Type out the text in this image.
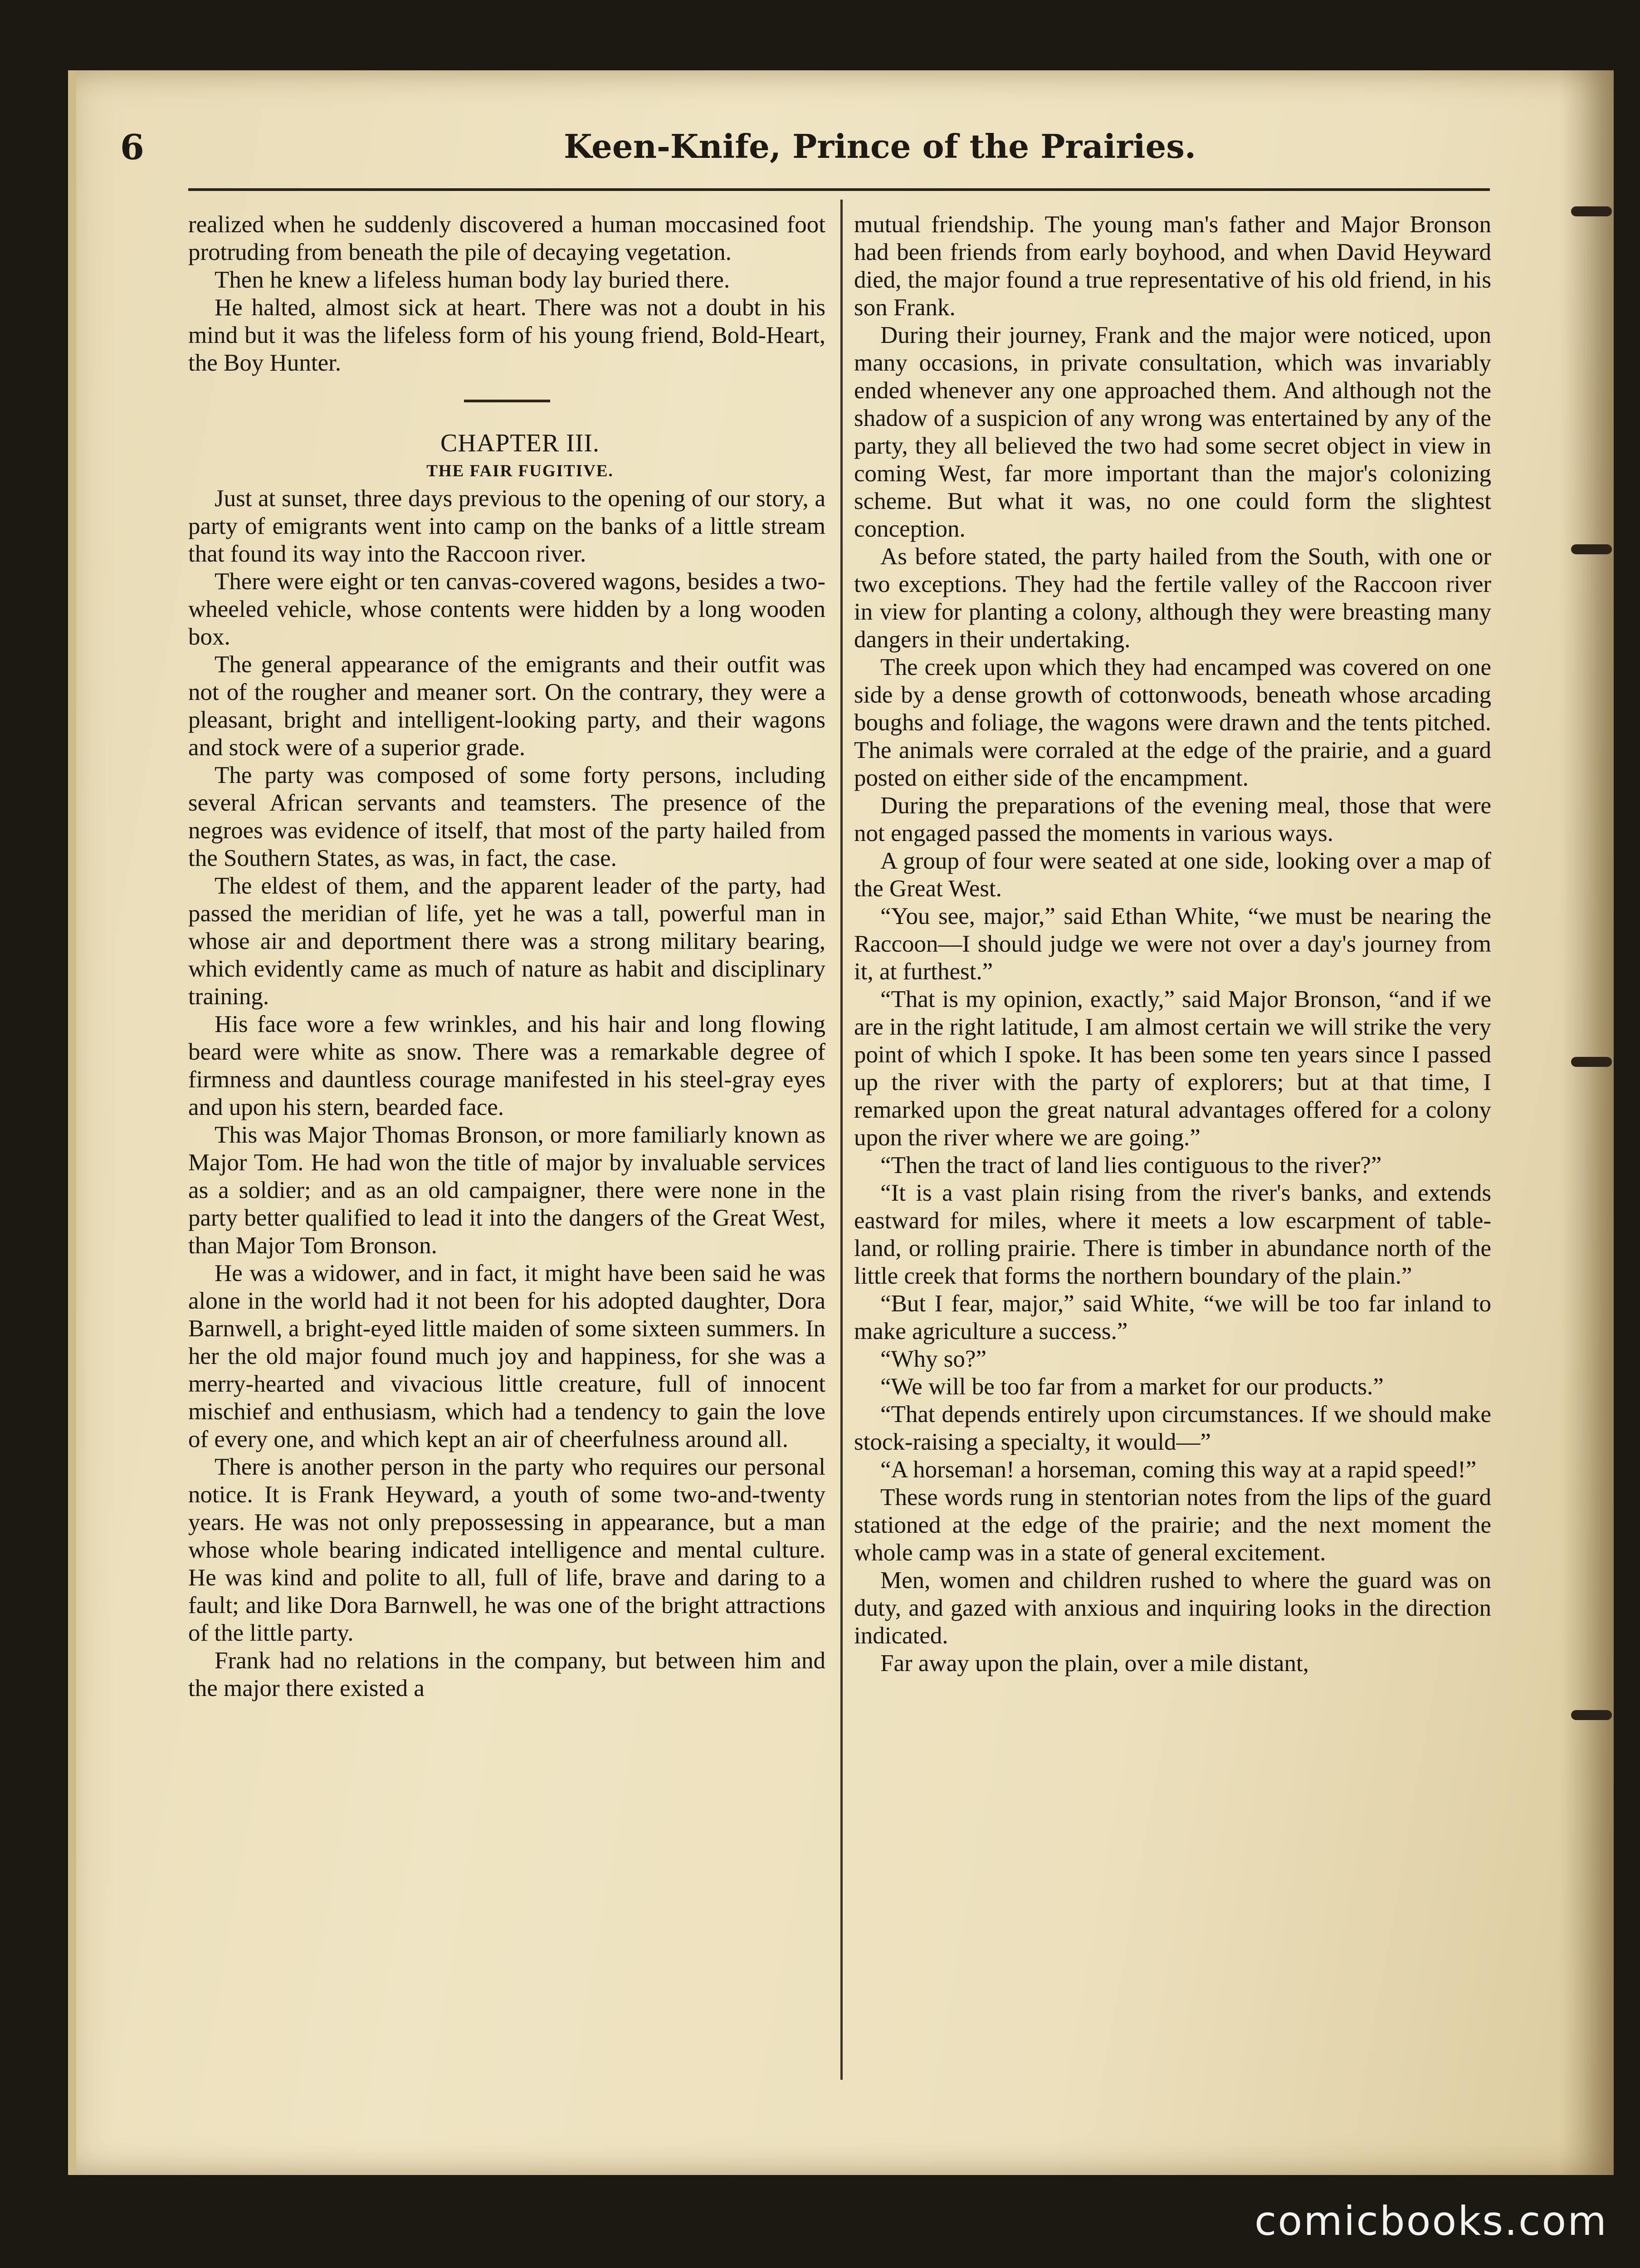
6	Keen-Knife, Prince of the Prairies.

realized when he suddenly discovered a human moccasined foot protruding from beneath the pile of decaying vegetation.

Then he knew a lifeless human body lay buried there.

He halted, almost sick at heart. There was not a doubt in his mind but it was the lifeless form of his young friend, Bold-Heart, the Boy Hunter.

CHAPTER III.

THE FAIR FUGITIVE.

Just at sunset, three days previous to the opening of our story, a party of emigrants went into camp on the banks of a little stream that found its way into the Raccoon river.

There were eight or ten canvas-covered wagons, besides a two-wheeled vehicle, whose contents were hidden by a long wooden box.

The general appearance of the emigrants and their outfit was not of the rougher and meaner sort. On the contrary, they were a pleasant, bright and intelligent-looking party, and their wagons and stock were of a superior grade.

The party was composed of some forty persons, including several African servants and teamsters. The presence of the negroes was evidence of itself, that most of the party hailed from the Southern States, as was, in fact, the case.

The eldest of them, and the apparent leader of the party, had passed the meridian of life, yet he was a tall, powerful man in whose air and deportment there was a strong military bearing, which evidently came as much of nature as habit and disciplinary training.

His face wore a few wrinkles, and his hair and long flowing beard were white as snow. There was a remarkable degree of firmness and dauntless courage manifested in his steel-gray eyes and upon his stern, bearded face.

This was Major Thomas Bronson, or more familiarly known as Major Tom. He had won the title of major by invaluable services as a soldier; and as an old campaigner, there were none in the party better qualified to lead it into the dangers of the Great West, than Major Tom Bronson.

He was a widower, and in fact, it might have been said he was alone in the world had it not been for his adopted daughter, Dora Barnwell, a bright-eyed little maiden of some sixteen summers. In her the old major found much joy and happiness, for she was a merry-hearted and vivacious little creature, full of innocent mischief and enthusiasm, which had a tendency to gain the love of every one, and which kept an air of cheerfulness around all.

There is another person in the party who requires our personal notice. It is Frank Heyward, a youth of some two-and-twenty years. He was not only prepossessing in appearance, but a man whose whole bearing indicated intelligence and mental culture. He was kind and polite to all, full of life, brave and daring to a fault; and like Dora Barnwell, he was one of the bright attractions of the little party.

Frank had no relations in the company, but between him and the major there existed a

mutual friendship. The young man's father and Major Bronson had been friends from early boyhood, and when David Heyward died, the major found a true representative of his old friend, in his son Frank.

During their journey, Frank and the major were noticed, upon many occasions, in private consultation, which was invariably ended whenever any one approached them. And although not the shadow of a suspicion of any wrong was entertained by any of the party, they all believed the two had some secret object in view in coming West, far more important than the major's colonizing scheme. But what it was, no one could form the slightest conception.

As before stated, the party hailed from the South, with one or two exceptions. They had the fertile valley of the Raccoon river in view for planting a colony, although they were breasting many dangers in their undertaking.

The creek upon which they had encamped was covered on one side by a dense growth of cottonwoods, beneath whose arcading boughs and foliage, the wagons were drawn and the tents pitched. The animals were corraled at the edge of the prairie, and a guard posted on either side of the encampment.

During the preparations of the evening meal, those that were not engaged passed the moments in various ways.

A group of four were seated at one side, looking over a map of the Great West.

“You see, major,” said Ethan White, “we must be nearing the Raccoon—I should judge we were not over a day's journey from it, at furthest.”

“That is my opinion, exactly,” said Major Bronson, “and if we are in the right latitude, I am almost certain we will strike the very point of which I spoke. It has been some ten years since I passed up the river with the party of explorers; but at that time, I remarked upon the great natural advantages offered for a colony upon the river where we are going.”

“Then the tract of land lies contiguous to the river?”

“It is a vast plain rising from the river's banks, and extends eastward for miles, where it meets a low escarpment of table-land, or rolling prairie. There is timber in abundance north of the little creek that forms the northern boundary of the plain.”

“But I fear, major,” said White, “we will be too far inland to make agriculture a success.”

“Why so?”

“We will be too far from a market for our products.”

“That depends entirely upon circumstances. If we should make stock-raising a specialty, it would—”

“A horseman! a horseman, coming this way at a rapid speed!”

These words rung in stentorian notes from the lips of the guard stationed at the edge of the prairie; and the next moment the whole camp was in a state of general excitement.

Men, women and children rushed to where the guard was on duty, and gazed with anxious and inquiring looks in the direction indicated.

Far away upon the plain, over a mile distant,

comicbooks.com
